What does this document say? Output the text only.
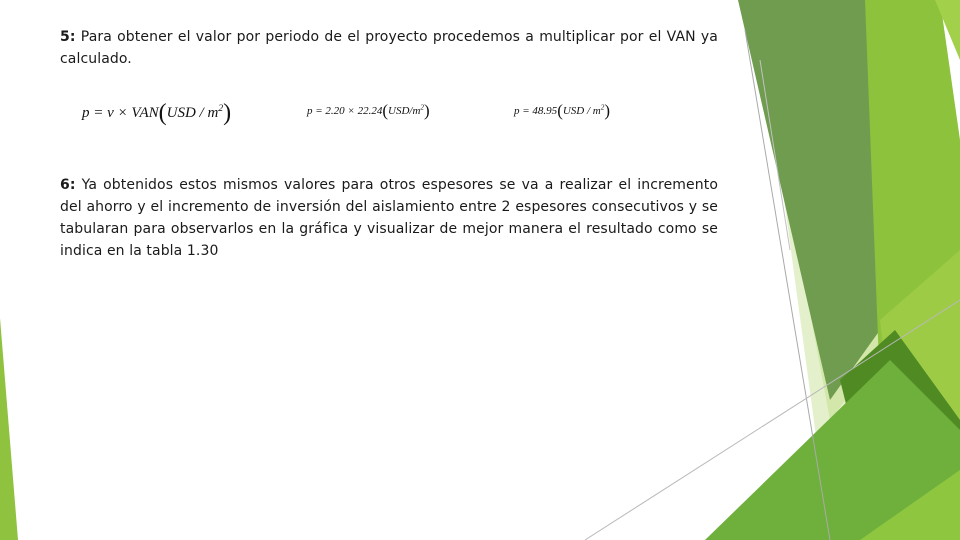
5: Para obtener el valor por periodo de el proyecto procedemos a multiplicar por el VAN ya calculado.

$p = v \times VAN(USD / m^2)$	$p = 2.20 \times 22.24(USD/m^2)$	$p = 48.95(USD / m^2)$

6: Ya obtenidos estos mismos valores para otros espesores se va a realizar el incremento del ahorro y el incremento de inversión del aislamiento entre 2 espesores consecutivos y se tabularan para observarlos en la gráfica y visualizar de mejor manera el resultado como se indica en la tabla 1.30
